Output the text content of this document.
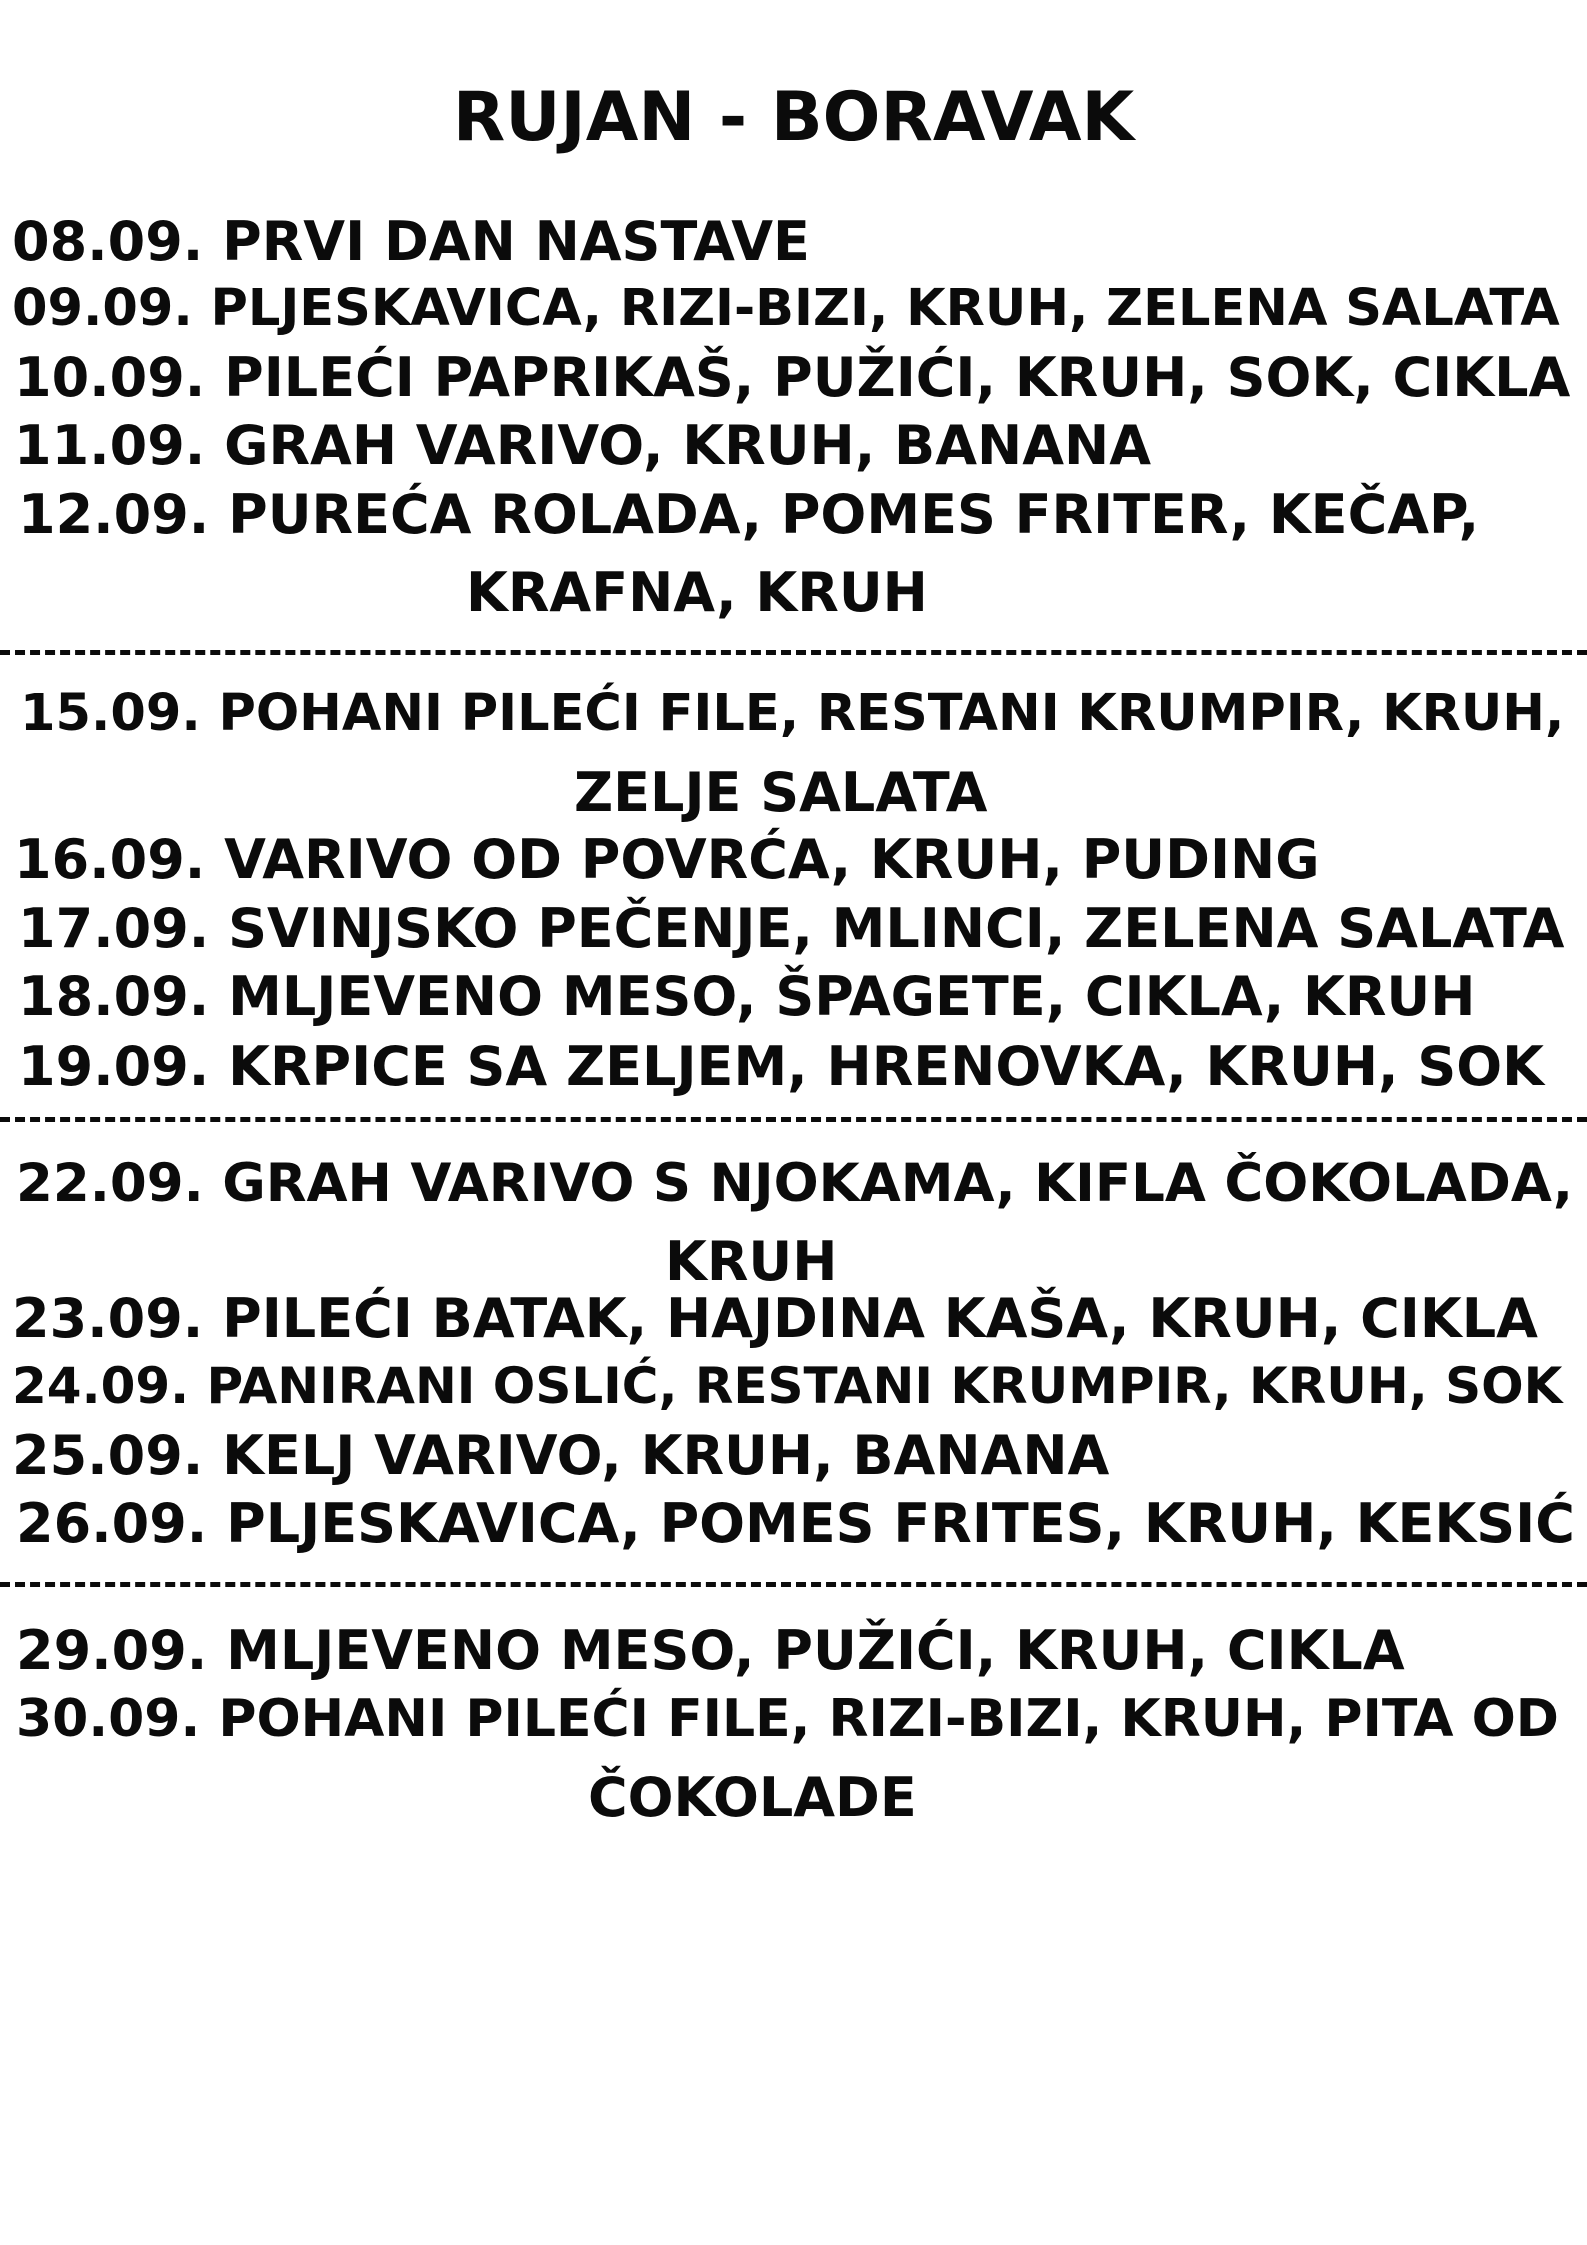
RUJAN - BORAVAK
08.09. PRVI DAN NASTAVE
09.09. PLJESKAVICA, RIZI-BIZI, KRUH, ZELENA SALATA
10.09. PILEĆI PAPRIKAŠ, PUŽIĆI, KRUH, SOK, CIKLA
11.09. GRAH VARIVO, KRUH, BANANA
12.09. PUREĆA ROLADA, POMES FRITER, KEČAP,
KRAFNA, KRUH
15.09. POHANI PILEĆI FILE, RESTANI KRUMPIR, KRUH,
ZELJE SALATA
16.09. VARIVO OD POVRĆA, KRUH, PUDING
17.09. SVINJSKO PEČENJE, MLINCI, ZELENA SALATA
18.09. MLJEVENO MESO, ŠPAGETE, CIKLA, KRUH
19.09. KRPICE SA ZELJEM, HRENOVKA, KRUH, SOK
22.09. GRAH VARIVO S NJOKAMA, KIFLA ČOKOLADA,
KRUH
23.09. PILEĆI BATAK, HAJDINA KAŠA, KRUH, CIKLA
24.09. PANIRANI OSLIĆ, RESTANI KRUMPIR, KRUH, SOK
25.09. KELJ VARIVO, KRUH, BANANA
26.09. PLJESKAVICA, POMES FRITES, KRUH, KEKSIĆ
29.09. MLJEVENO MESO, PUŽIĆI, KRUH, CIKLA
30.09. POHANI PILEĆI FILE, RIZI-BIZI, KRUH, PITA OD
ČOKOLADE
